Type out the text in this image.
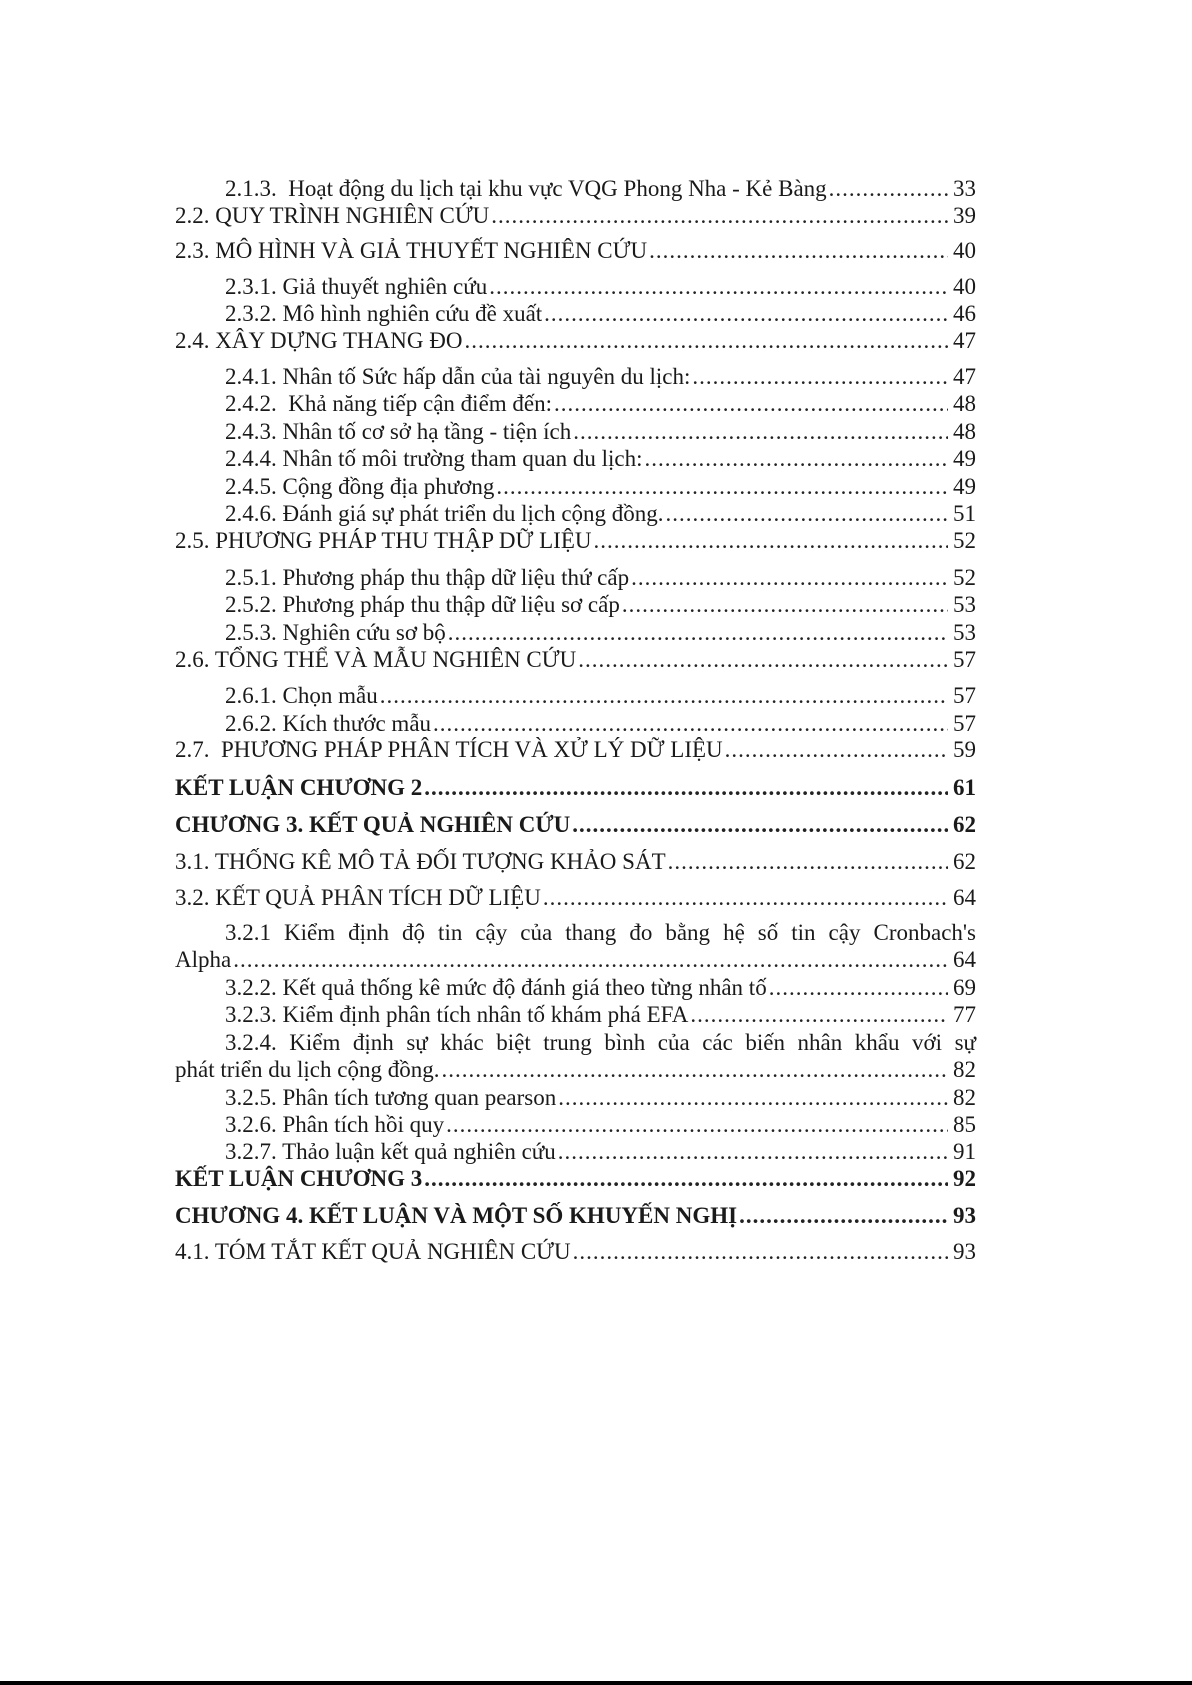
2.1.3.  Hoạt động du lịch tại khu vực VQG Phong Nha - Kẻ Bàng .....	33
2.2. QUY TRÌNH NGHIÊN CỨU .....	39
2.3. MÔ HÌNH VÀ GIẢ THUYẾT NGHIÊN CỨU .....	40
2.3.1. Giả thuyết nghiên cứu .....	40
2.3.2. Mô hình nghiên cứu đề xuất .....	46
2.4. XÂY DỰNG THANG ĐO .....	47
2.4.1. Nhân tố Sức hấp dẫn của tài nguyên du lịch: .....	47
2.4.2.  Khả năng tiếp cận điểm đến: .....	48
2.4.3. Nhân tố cơ sở hạ tầng - tiện ích .....	48
2.4.4. Nhân tố môi trường tham quan du lịch: .....	49
2.4.5. Cộng đồng địa phương .....	49
2.4.6. Đánh giá sự phát triển du lịch cộng đồng. .....	51
2.5. PHƯƠNG PHÁP THU THẬP DỮ LIỆU .....	52
2.5.1. Phương pháp thu thập dữ liệu thứ cấp .....	52
2.5.2. Phương pháp thu thập dữ liệu sơ cấp .....	53
2.5.3. Nghiên cứu sơ bộ .....	53
2.6. TỔNG THỂ VÀ MẪU NGHIÊN CỨU .....	57
2.6.1. Chọn mẫu .....	57
2.6.2. Kích thước mẫu .....	57
2.7.  PHƯƠNG PHÁP PHÂN TÍCH VÀ XỬ LÝ DỮ LIỆU .....	59
KẾT LUẬN CHƯƠNG 2 .....	61
CHƯƠNG 3. KẾT QUẢ NGHIÊN CỨU .....	62
3.1. THỐNG KÊ MÔ TẢ ĐỐI TƯỢNG KHẢO SÁT .....	62
3.2. KẾT QUẢ PHÂN TÍCH DỮ LIỆU .....	64
3.2.1 Kiểm định độ tin cậy của thang đo bằng hệ số tin cậy Cronbach's
Alpha .....	64
3.2.2. Kết quả thống kê mức độ đánh giá theo từng nhân tố .....	69
3.2.3. Kiểm định phân tích nhân tố khám phá EFA .....	77
3.2.4. Kiểm định sự khác biệt trung bình của các biến nhân khẩu với sự
phát triển du lịch cộng đồng. .....	82
3.2.5. Phân tích tương quan pearson .....	82
3.2.6. Phân tích hồi quy .....	85
3.2.7. Thảo luận kết quả nghiên cứu .....	91
KẾT LUẬN CHƯƠNG 3 .....	92
CHƯƠNG 4. KẾT LUẬN VÀ MỘT SỐ KHUYẾN NGHỊ .....	93
4.1. TÓM TẮT KẾT QUẢ NGHIÊN CỨU .....	93
